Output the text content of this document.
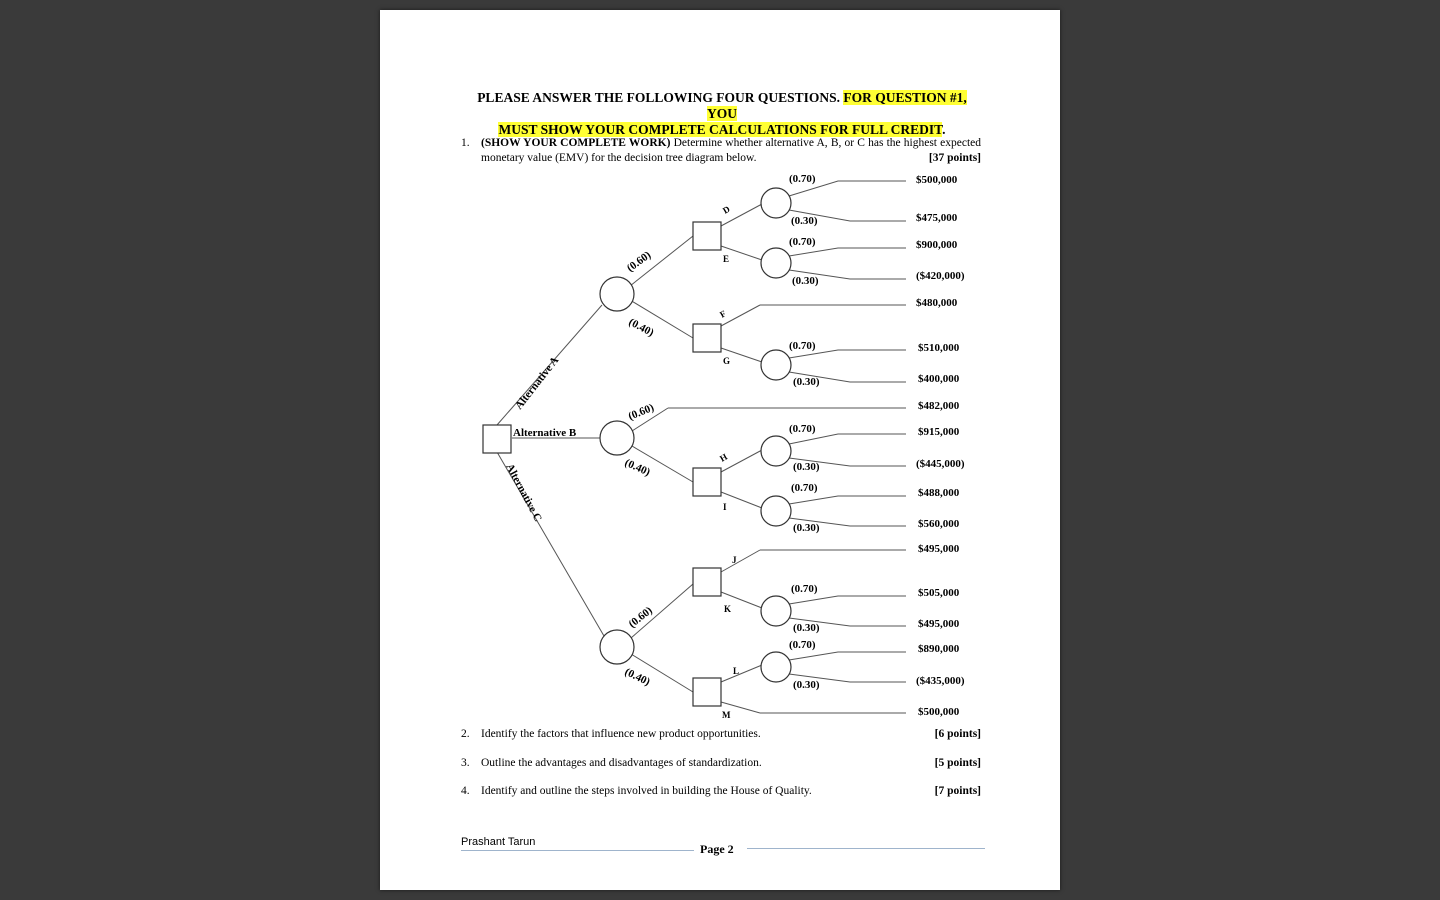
PLEASE ANSWER THE FOLLOWING FOUR QUESTIONS. FOR QUESTION #1, YOU
MUST SHOW YOUR COMPLETE CALCULATIONS FOR FULL CREDIT.
1. (SHOW YOUR COMPLETE WORK) Determine whether alternative A, B, or C has the highest expected monetary value (EMV) for the decision tree diagram below.	[37 points]
Alternative A
Alternative B
Alternative C
(0.60)
(0.40)
(0.60)
(0.40)
(0.60)
(0.40)
D
E
F
G
H
I
J
K
L
M
(0.70)
(0.30)
(0.70)
(0.30)
(0.70)
(0.30)
(0.70)
(0.30)
(0.70)
(0.30)
(0.70)
(0.30)
(0.70)
(0.30)
$500,000
$475,000
$900,000
($420,000)
$480,000
$510,000
$400,000
$482,000
$915,000
($445,000)
$488,000
$560,000
$495,000
$505,000
$495,000
$890,000
($435,000)
$500,000
2. Identify the factors that influence new product opportunities.	[6 points]
3. Outline the advantages and disadvantages of standardization.	[5 points]
4. Identify and outline the steps involved in building the House of Quality.	[7 points]
Prashant Tarun	Page 2
